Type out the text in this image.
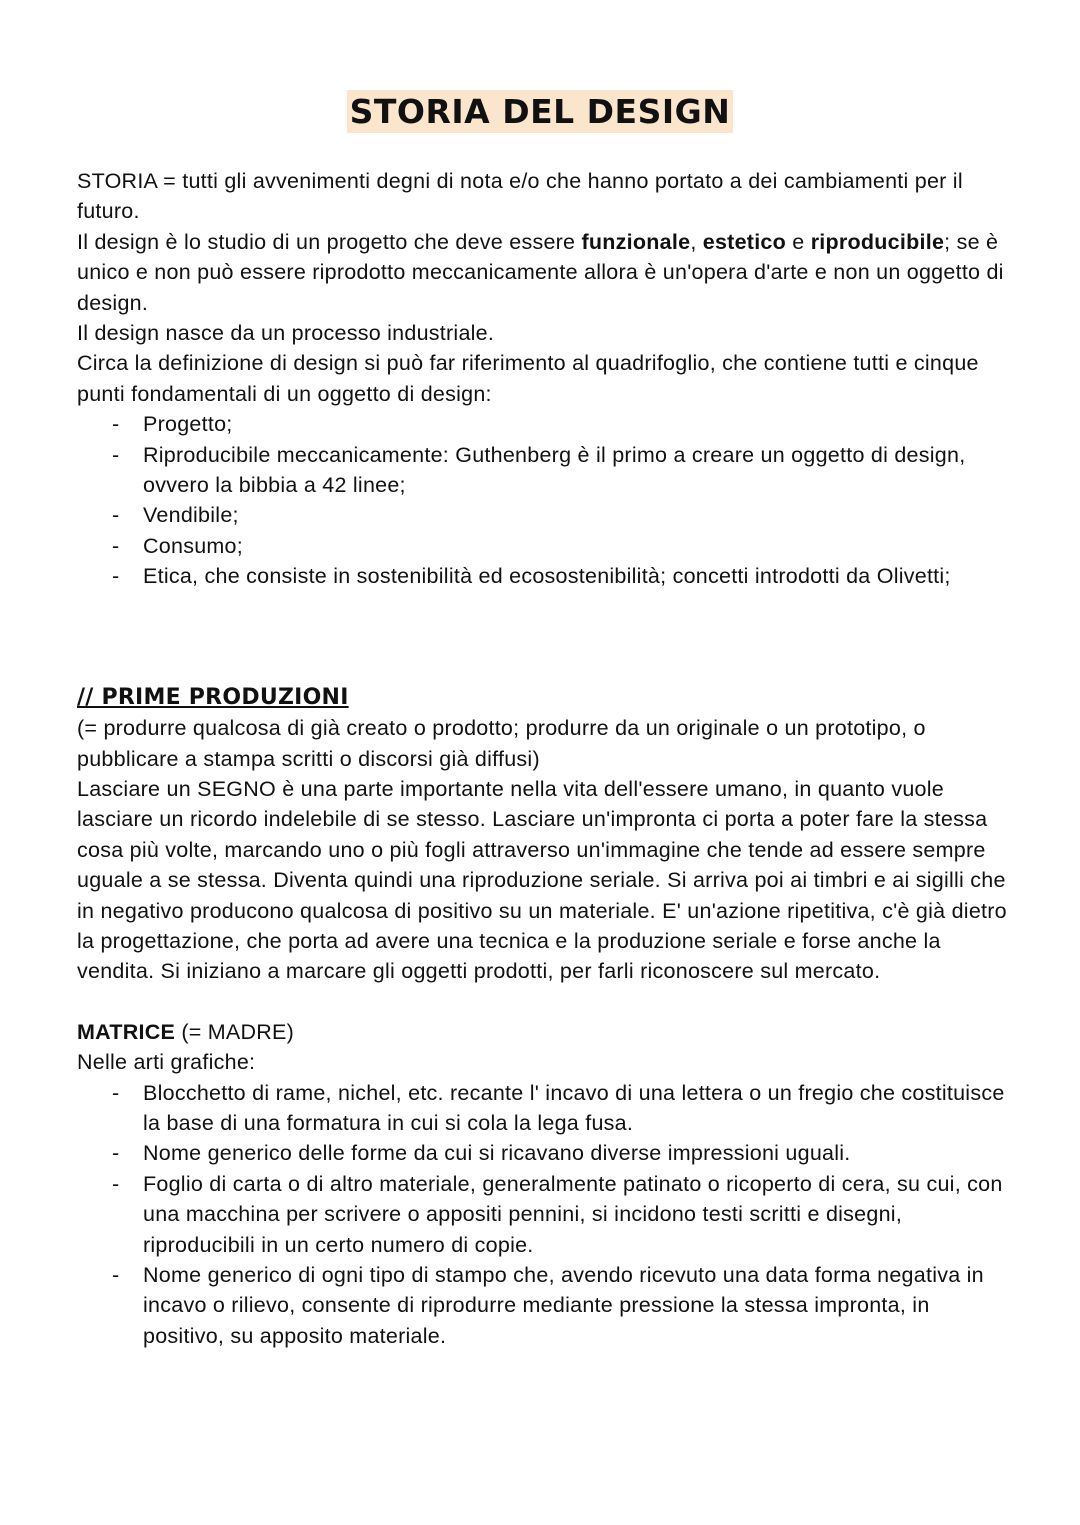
STORIA DEL DESIGN

STORIA = tutti gli avvenimenti degni di nota e/o che hanno portato a dei cambiamenti per il futuro.

Il design è lo studio di un progetto che deve essere funzionale, estetico e riproducibile; se è unico e non può essere riprodotto meccanicamente allora è un'opera d'arte e non un oggetto di design.

Il design nasce da un processo industriale.

Circa la definizione di design si può far riferimento al quadrifoglio, che contiene tutti e cinque punti fondamentali di un oggetto di design:

- Progetto;
- Riproducibile meccanicamente: Guthenberg è il primo a creare un oggetto di design, ovvero la bibbia a 42 linee;
- Vendibile;
- Consumo;
- Etica, che consiste in sostenibilità ed ecosostenibilità; concetti introdotti da Olivetti;

// PRIME PRODUZIONI

(= produrre qualcosa di già creato o prodotto; produrre da un originale o un prototipo, o pubblicare a stampa scritti o discorsi già diffusi)

Lasciare un SEGNO è una parte importante nella vita dell'essere umano, in quanto vuole lasciare un ricordo indelebile di se stesso. Lasciare un'impronta ci porta a poter fare la stessa cosa più volte, marcando uno o più fogli attraverso un'immagine che tende ad essere sempre uguale a se stessa. Diventa quindi una riproduzione seriale. Si arriva poi ai timbri e ai sigilli che in negativo producono qualcosa di positivo su un materiale. E' un'azione ripetitiva, c'è già dietro la progettazione, che porta ad avere una tecnica e la produzione seriale e forse anche la vendita. Si iniziano a marcare gli oggetti prodotti, per farli riconoscere sul mercato.

MATRICE (= MADRE)

Nelle arti grafiche:

- Blocchetto di rame, nichel, etc. recante l' incavo di una lettera o un fregio che costituisce la base di una formatura in cui si cola la lega fusa.
- Nome generico delle forme da cui si ricavano diverse impressioni uguali.
- Foglio di carta o di altro materiale, generalmente patinato o ricoperto di cera, su cui, con una macchina per scrivere o appositi pennini, si incidono testi scritti e disegni, riproducibili in un certo numero di copie.
- Nome generico di ogni tipo di stampo che, avendo ricevuto una data forma negativa in incavo o rilievo, consente di riprodurre mediante pressione la stessa impronta, in positivo, su apposito materiale.
